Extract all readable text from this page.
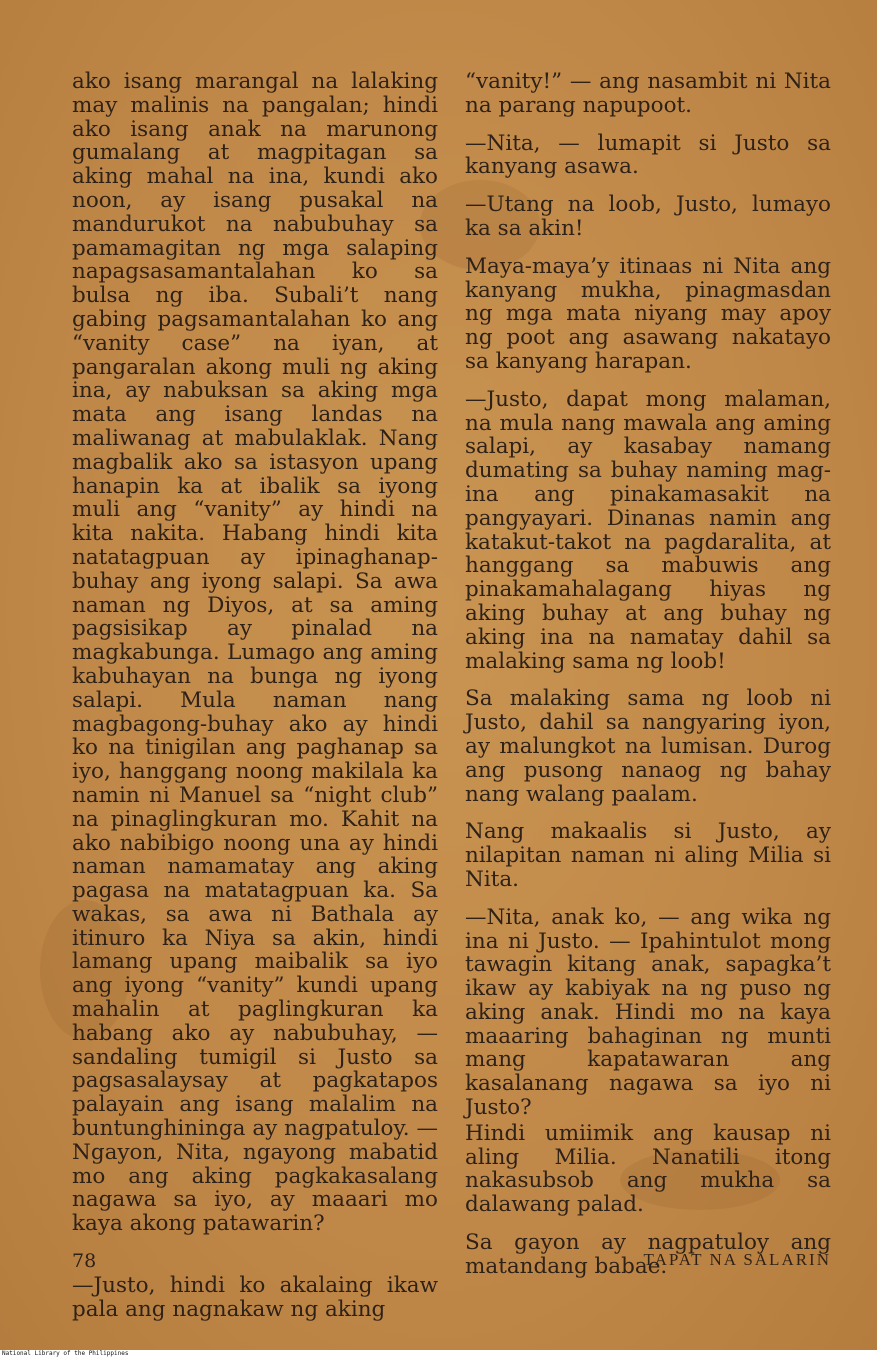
ako isang marangal na lalaking may malinis na pangalan; hindi ako isang anak na marunong gumalang at magpitagan sa aking mahal na ina, kundi ako noon, ay isang pusakal na mandurukot na nabubuhay sa pamamagitan ng mga salaping napagsasamantalahan ko sa bulsa ng iba. Subali’t nang gabing pagsamantalahan ko ang “vanity case” na iyan, at pangaralan akong muli ng aking ina, ay nabuksan sa aking mga mata ang isang landas na maliwanag at mabulaklak. Nang magbalik ako sa istasyon upang hanapin ka at ibalik sa iyong muli ang “vanity” ay hindi na kita nakita. Habang hindi kita natatagpuan ay ipinaghanap-buhay ang iyong salapi. Sa awa naman ng Diyos, at sa aming pagsisikap ay pinalad na magkabunga. Lumago ang aming kabuhayan na bunga ng iyong salapi. Mula naman nang magbagong-buhay ako ay hindi ko na tinigilan ang paghanap sa iyo, hanggang noong makilala ka namin ni Manuel sa “night club” na pinaglingkuran mo. Kahit na ako nabibigo noong una ay hindi naman namamatay ang aking pagasa na matatagpuan ka. Sa wakas, sa awa ni Bathala ay itinuro ka Niya sa akin, hindi lamang upang maibalik sa iyo ang iyong “vanity” kundi upang mahalin at paglingkuran ka habang ako ay nabubuhay, — sandaling tumigil si Justo sa pagsasalaysay at pagkatapos palayain ang isang malalim na buntunghininga ay nagpatuloy. — Ngayon, Nita, ngayong mabatid mo ang aking pagkakasalang nagawa sa iyo, ay maaari mo kaya akong patawarin?

—Justo, hindi ko akalaing ikaw pala ang nagnakaw ng aking

“vanity!” — ang nasambit ni Nita na parang napupoot.

—Nita, — lumapit si Justo sa kanyang asawa.

—Utang na loob, Justo, lumayo ka sa akin!

Maya-maya’y itinaas ni Nita ang kanyang mukha, pinagmasdan ng mga mata niyang may apoy ng poot ang asawang nakatayo sa kanyang harapan.

—Justo, dapat mong malaman, na mula nang mawala ang aming salapi, ay kasabay namang dumating sa buhay naming mag-ina ang pinakamasakit na pangyayari. Dinanas namin ang katakut-takot na pagdaralita, at hanggang sa mabuwis ang pinakamahalagang hiyas ng aking buhay at ang buhay ng aking ina na namatay dahil sa malaking sama ng loob!

Sa malaking sama ng loob ni Justo, dahil sa nangyaring iyon, ay malungkot na lumisan. Durog ang pusong nanaog ng bahay nang walang paalam.

Nang makaalis si Justo, ay nilapitan naman ni aling Milia si Nita.

—Nita, anak ko, — ang wika ng ina ni Justo. — Ipahintulot mong tawagin kitang anak, sapagka’t ikaw ay kabiyak na ng puso ng aking anak. Hindi mo na kaya maaaring bahaginan ng munti mang kapatawaran ang kasalanang nagawa sa iyo ni Justo?

Hindi umiimik ang kausap ni aling Milia. Nanatili itong nakasubsob ang mukha sa dalawang palad.

Sa gayon ay nagpatuloy ang matandang babae.

78	TAPAT NA SALARIN
National Library of the Philippines
